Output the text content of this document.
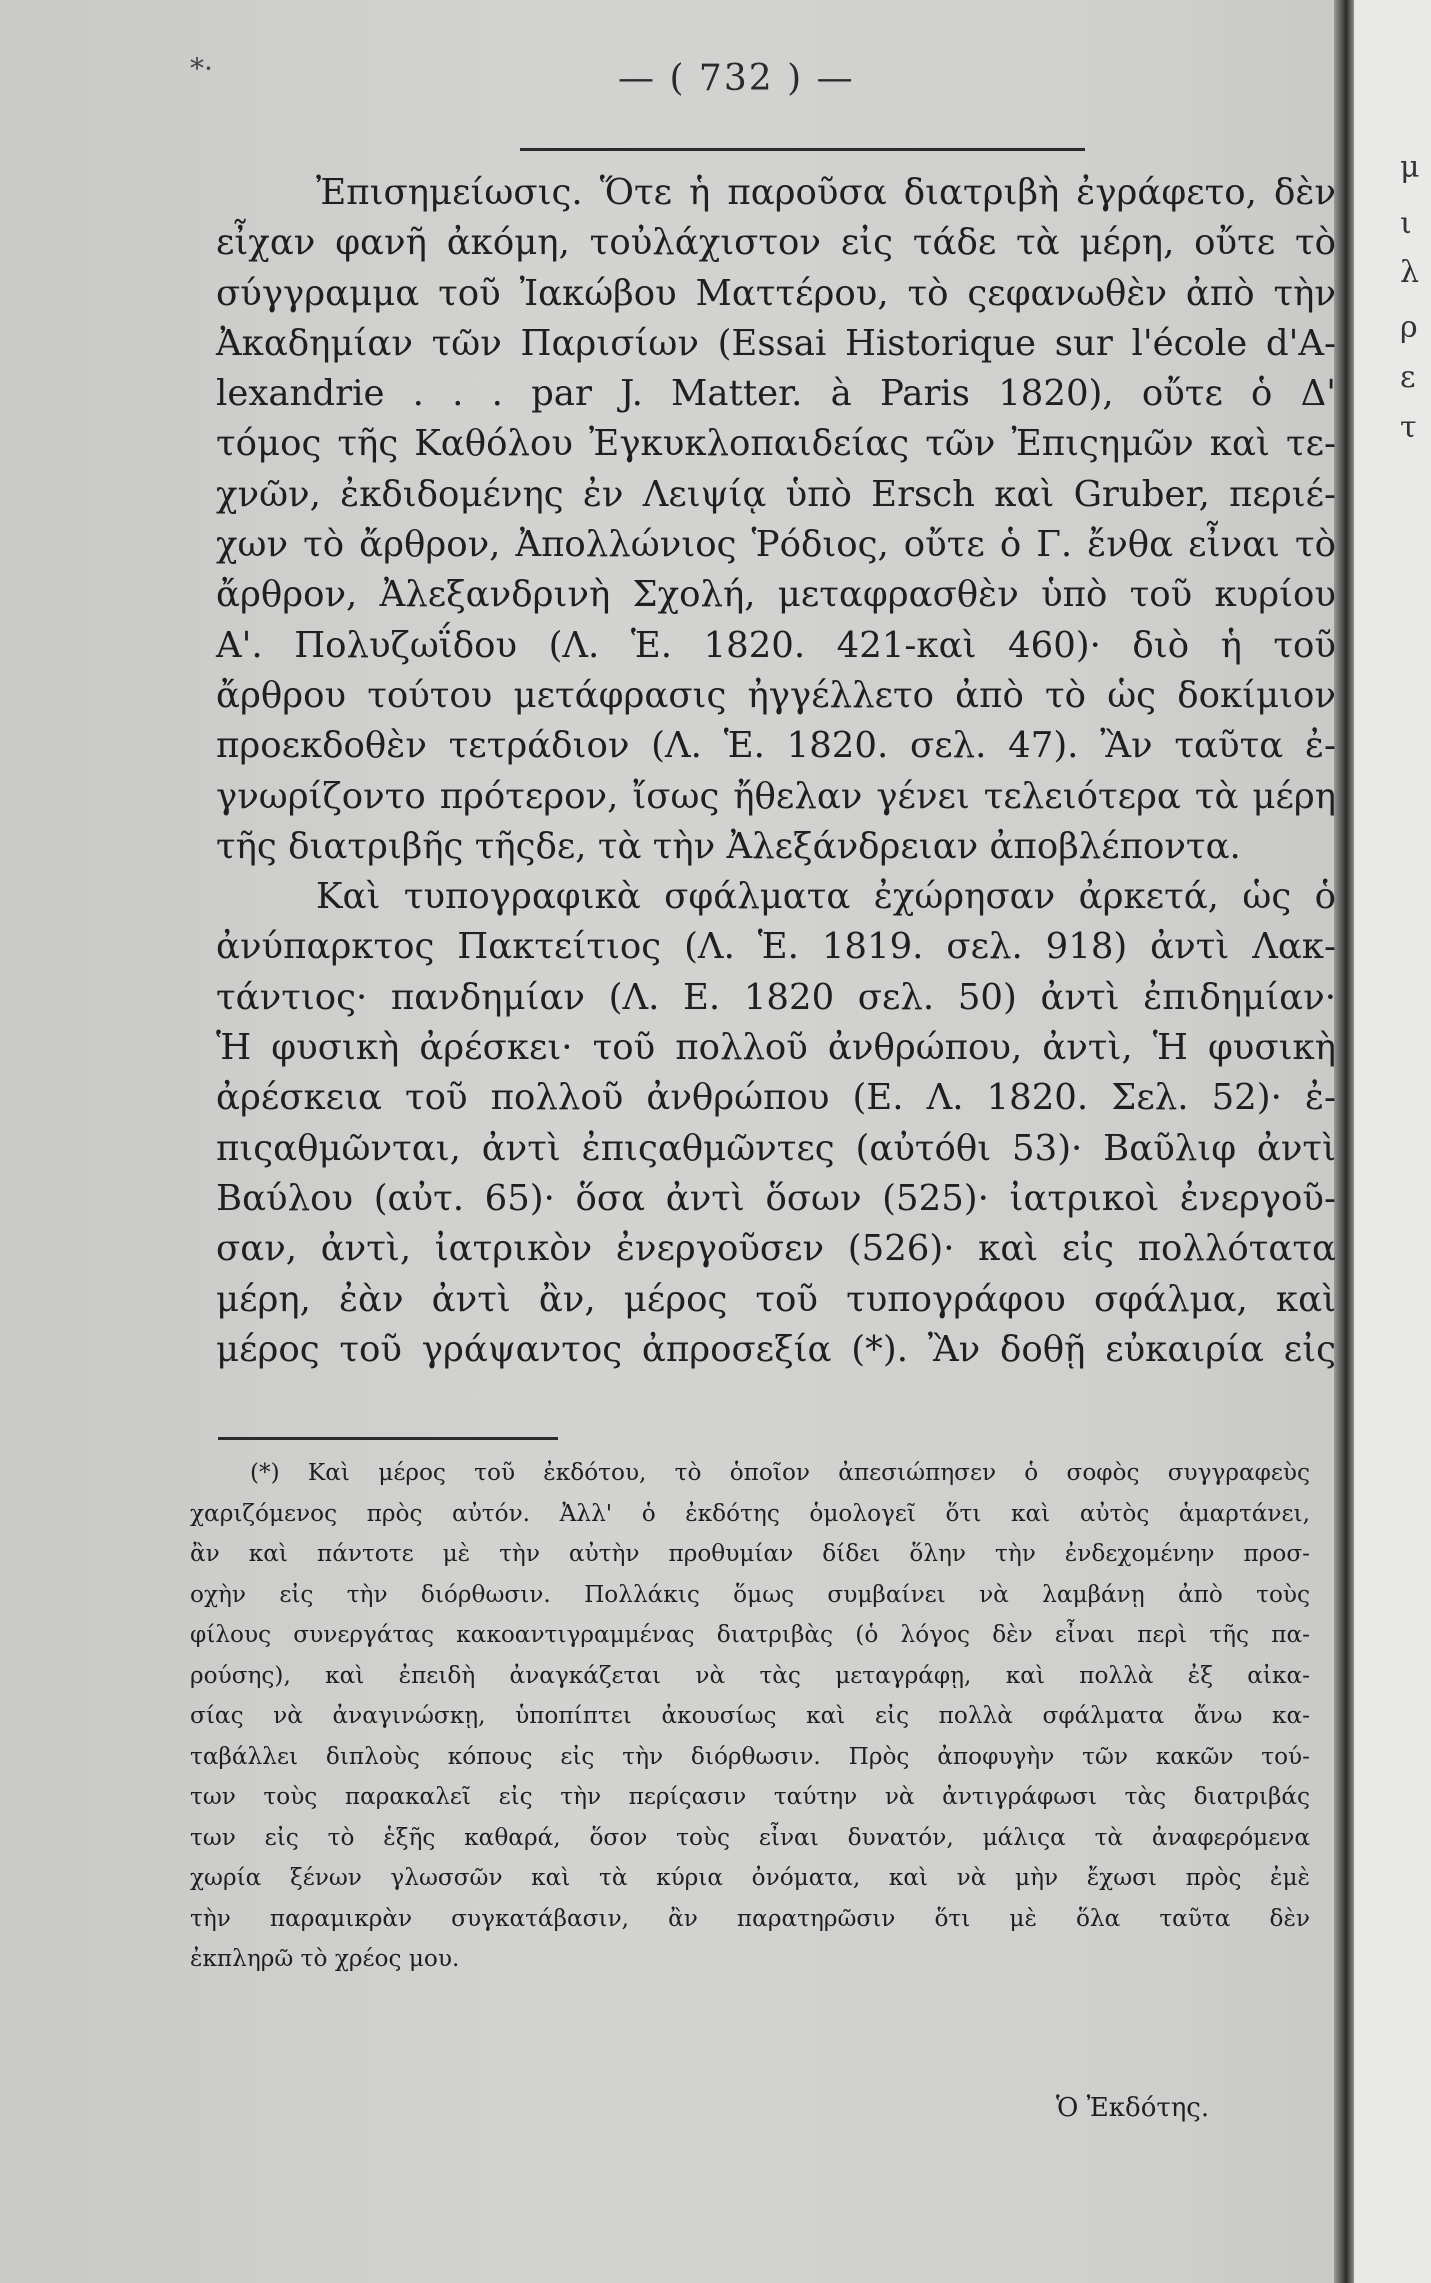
μ
ι
λ
ρ
ε
τ
*·	— ( 732 ) —
Ἐπισημείωσις. Ὅτε ἡ παροῦσα διατριβὴ ἐγράφετο, δὲν
εἶχαν φανῆ ἀκόμη, τοὐλάχιστον εἰς τάδε τὰ μέρη, οὔτε τὸ
σύγγραμμα τοῦ Ἰακώβου Ματτέρου, τὸ ςεφανωθὲν ἀπὸ τὴν
Ἀκαδημίαν τῶν Παρισίων (Essai Historique sur l'école d'A-
lexandrie . . . par J. Matter. à Paris 1820), οὔτε ὁ Δ'
τόμος τῆς Καθόλου Ἐγκυκλοπαιδείας τῶν Ἐπιςημῶν καὶ τε-
χνῶν, ἐκδιδομένης ἐν Λειψίᾳ ὑπὸ Ersch καὶ Gruber, περιέ-
χων τὸ ἄρθρον, Ἀπολλώνιος Ῥόδιος, οὔτε ὁ Γ. ἔνθα εἶναι τὸ
ἄρθρον, Ἀλεξανδρινὴ Σχολή, μεταφρασθὲν ὑπὸ τοῦ κυρίου
Α'. Πολυζωΐδου (Λ. Ἑ. 1820. 421-καὶ 460)· διὸ ἡ τοῦ
ἄρθρου τούτου μετάφρασις ἠγγέλλετο ἀπὸ τὸ ὡς δοκίμιον
προεκδοθὲν τετράδιον (Λ. Ἑ. 1820. σελ. 47). Ἂν ταῦτα ἐ-
γνωρίζοντο πρότερον, ἴσως ἤθελαν γένει τελειότερα τὰ μέρη
τῆς διατριβῆς τῆςδε, τὰ τὴν Ἀλεξάνδρειαν ἀποβλέποντα.
Καὶ τυπογραφικὰ σφάλματα ἐχώρησαν ἀρκετά, ὡς ὁ
ἀνύπαρκτος Πακτείτιος (Λ. Ἑ. 1819. σελ. 918) ἀντὶ Λακ-
τάντιος· πανδημίαν (Λ. Ε. 1820 σελ. 50) ἀντὶ ἐπιδημίαν·
Ἡ φυσικὴ ἀρέσκει· τοῦ πολλοῦ ἀνθρώπου, ἀντὶ, Ἡ φυσικὴ
ἀρέσκεια τοῦ πολλοῦ ἀνθρώπου (Ε. Λ. 1820. Σελ. 52)· ἐ-
πιςαθμῶνται, ἀντὶ ἐπιςαθμῶντες (αὐτόθι 53)· Βαῦλιφ ἀντὶ
Βαύλου (αὐτ. 65)· ὅσα ἀντὶ ὅσων (525)· ἰατρικοὶ ἐνεργοῦ-
σαν, ἀντὶ, ἰατρικὸν ἐνεργοῦσεν (526)· καὶ εἰς πολλότατα
μέρη, ἐὰν ἀντὶ ἂν, μέρος τοῦ τυπογράφου σφάλμα, καὶ
μέρος τοῦ γράψαντος ἀπροσεξία (*). Ἂν δοθῇ εὐκαιρία εἰς
(*) Καὶ μέρος τοῦ ἐκδότου, τὸ ὁποῖον ἀπεσιώπησεν ὁ σοφὸς συγγραφεὺς
χαριζόμενος πρὸς αὐτόν. Ἀλλ' ὁ ἐκδότης ὁμολογεῖ ὅτι καὶ αὐτὸς ἁμαρτάνει,
ἂν καὶ πάντοτε μὲ τὴν αὐτὴν προθυμίαν δίδει ὅλην τὴν ἐνδεχομένην προσ-
οχὴν εἰς τὴν διόρθωσιν. Πολλάκις ὅμως συμβαίνει νὰ λαμβάνῃ ἀπὸ τοὺς
φίλους συνεργάτας κακοαντιγραμμένας διατριβὰς (ὁ λόγος δὲν εἶναι περὶ τῆς πα-
ρούσης), καὶ ἐπειδὴ ἀναγκάζεται νὰ τὰς μεταγράφῃ, καὶ πολλὰ ἐξ αἰκα-
σίας νὰ ἀναγινώσκῃ, ὑποπίπτει ἀκουσίως καὶ εἰς πολλὰ σφάλματα ἄνω κα-
ταβάλλει διπλοὺς κόπους εἰς τὴν διόρθωσιν. Πρὸς ἀποφυγὴν τῶν κακῶν τού-
των τοὺς παρακαλεῖ εἰς τὴν περίςασιν ταύτην νὰ ἀντιγράφωσι τὰς διατριβάς
των εἰς τὸ ἑξῆς καθαρά, ὅσον τοὺς εἶναι δυνατόν, μάλιςα τὰ ἀναφερόμενα
χωρία ξένων γλωσσῶν καὶ τὰ κύρια ὀνόματα, καὶ νὰ μὴν ἔχωσι πρὸς ἐμὲ
τὴν παραμικρὰν συγκατάβασιν, ἂν παρατηρῶσιν ὅτι μὲ ὅλα ταῦτα δὲν
ἐκπληρῶ τὸ χρέος μου.
Ὁ Ἐκδότης.
